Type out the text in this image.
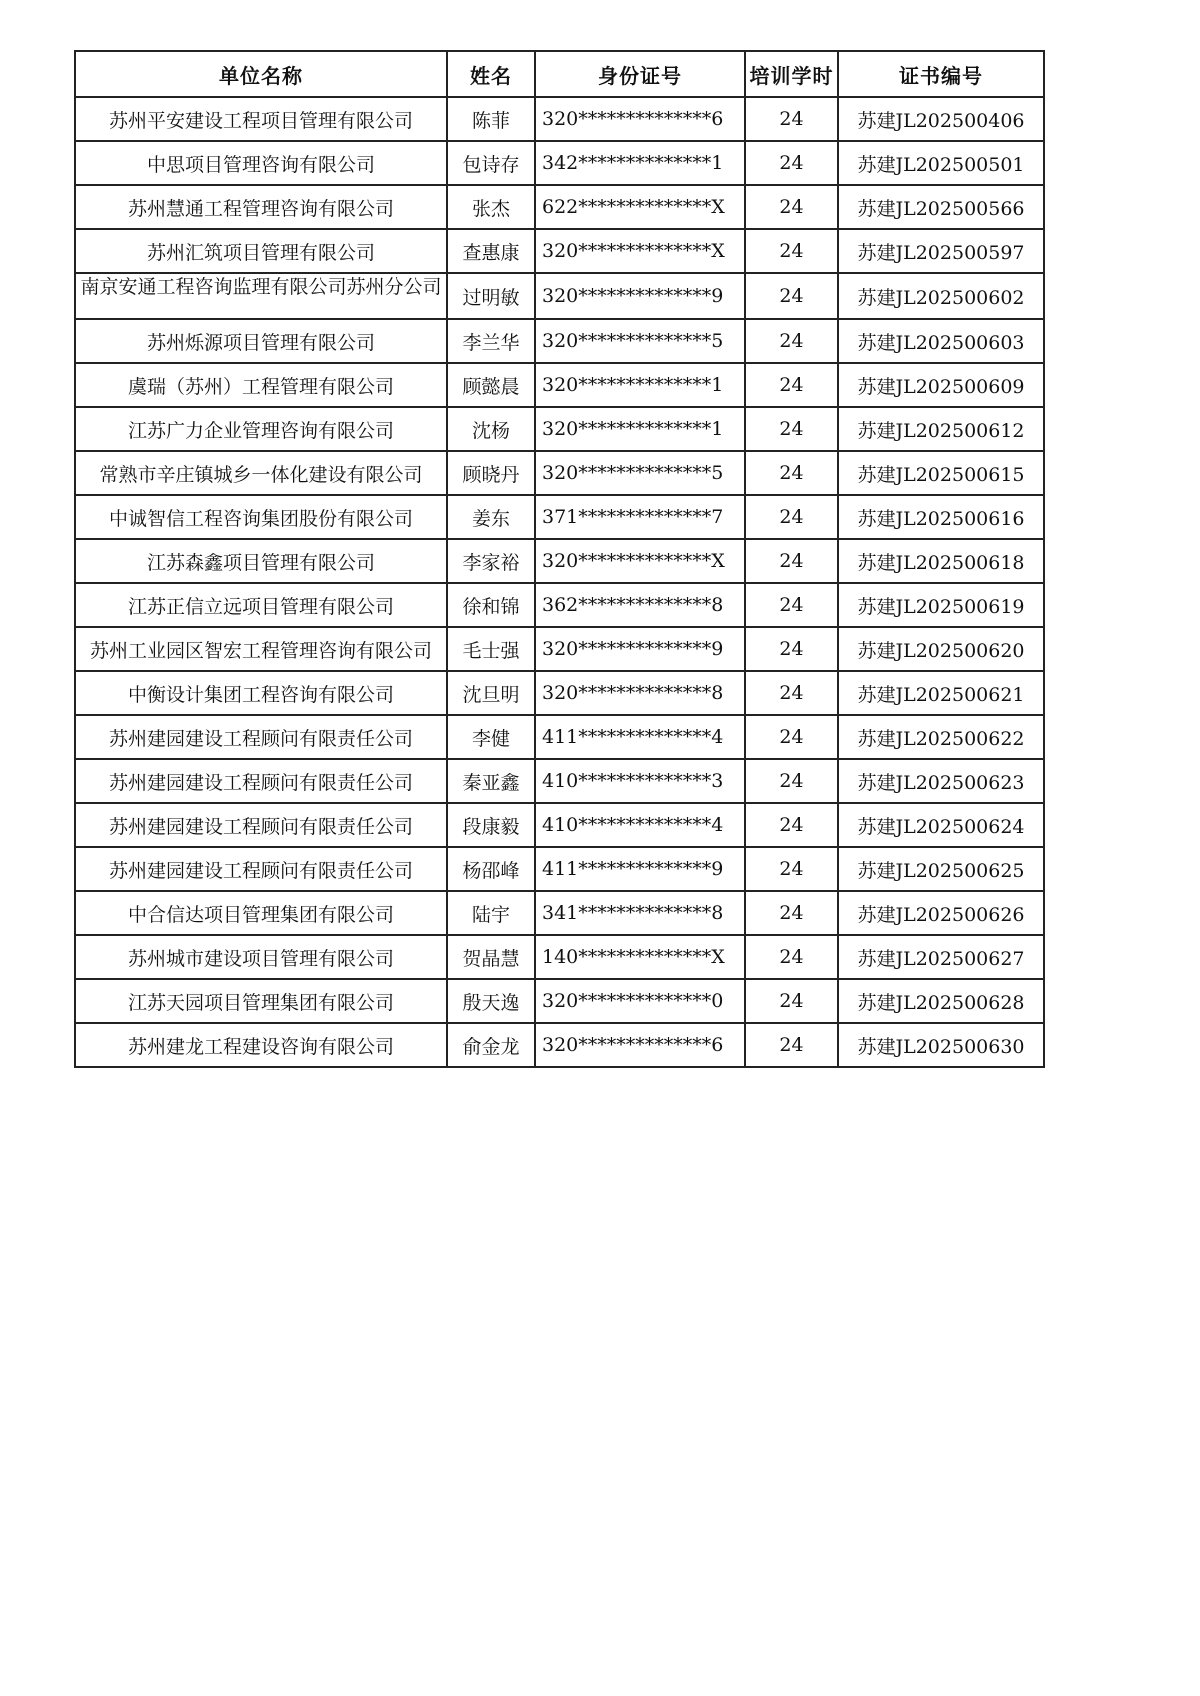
单位名称	姓名	身份证号	培训学时	证书编号
苏州平安建设工程项目管理有限公司	陈菲	320**************6	24	苏建JL202500406
中思项目管理咨询有限公司	包诗存	342**************1	24	苏建JL202500501
苏州慧通工程管理咨询有限公司	张杰	622**************X	24	苏建JL202500566
苏州汇筑项目管理有限公司	查惠康	320**************X	24	苏建JL202500597
南京安通工程咨询监理有限公司苏州分公司	过明敏	320**************9	24	苏建JL202500602
苏州烁源项目管理有限公司	李兰华	320**************5	24	苏建JL202500603
虞瑞（苏州）工程管理有限公司	顾懿晨	320**************1	24	苏建JL202500609
江苏广力企业管理咨询有限公司	沈杨	320**************1	24	苏建JL202500612
常熟市辛庄镇城乡一体化建设有限公司	顾晓丹	320**************5	24	苏建JL202500615
中诚智信工程咨询集团股份有限公司	姜东	371**************7	24	苏建JL202500616
江苏森鑫项目管理有限公司	李家裕	320**************X	24	苏建JL202500618
江苏正信立远项目管理有限公司	徐和锦	362**************8	24	苏建JL202500619
苏州工业园区智宏工程管理咨询有限公司	毛士强	320**************9	24	苏建JL202500620
中衡设计集团工程咨询有限公司	沈旦明	320**************8	24	苏建JL202500621
苏州建园建设工程顾问有限责任公司	李健	411**************4	24	苏建JL202500622
苏州建园建设工程顾问有限责任公司	秦亚鑫	410**************3	24	苏建JL202500623
苏州建园建设工程顾问有限责任公司	段康毅	410**************4	24	苏建JL202500624
苏州建园建设工程顾问有限责任公司	杨邵峰	411**************9	24	苏建JL202500625
中合信达项目管理集团有限公司	陆宇	341**************8	24	苏建JL202500626
苏州城市建设项目管理有限公司	贺晶慧	140**************X	24	苏建JL202500627
江苏天园项目管理集团有限公司	殷天逸	320**************0	24	苏建JL202500628
苏州建龙工程建设咨询有限公司	俞金龙	320**************6	24	苏建JL202500630
